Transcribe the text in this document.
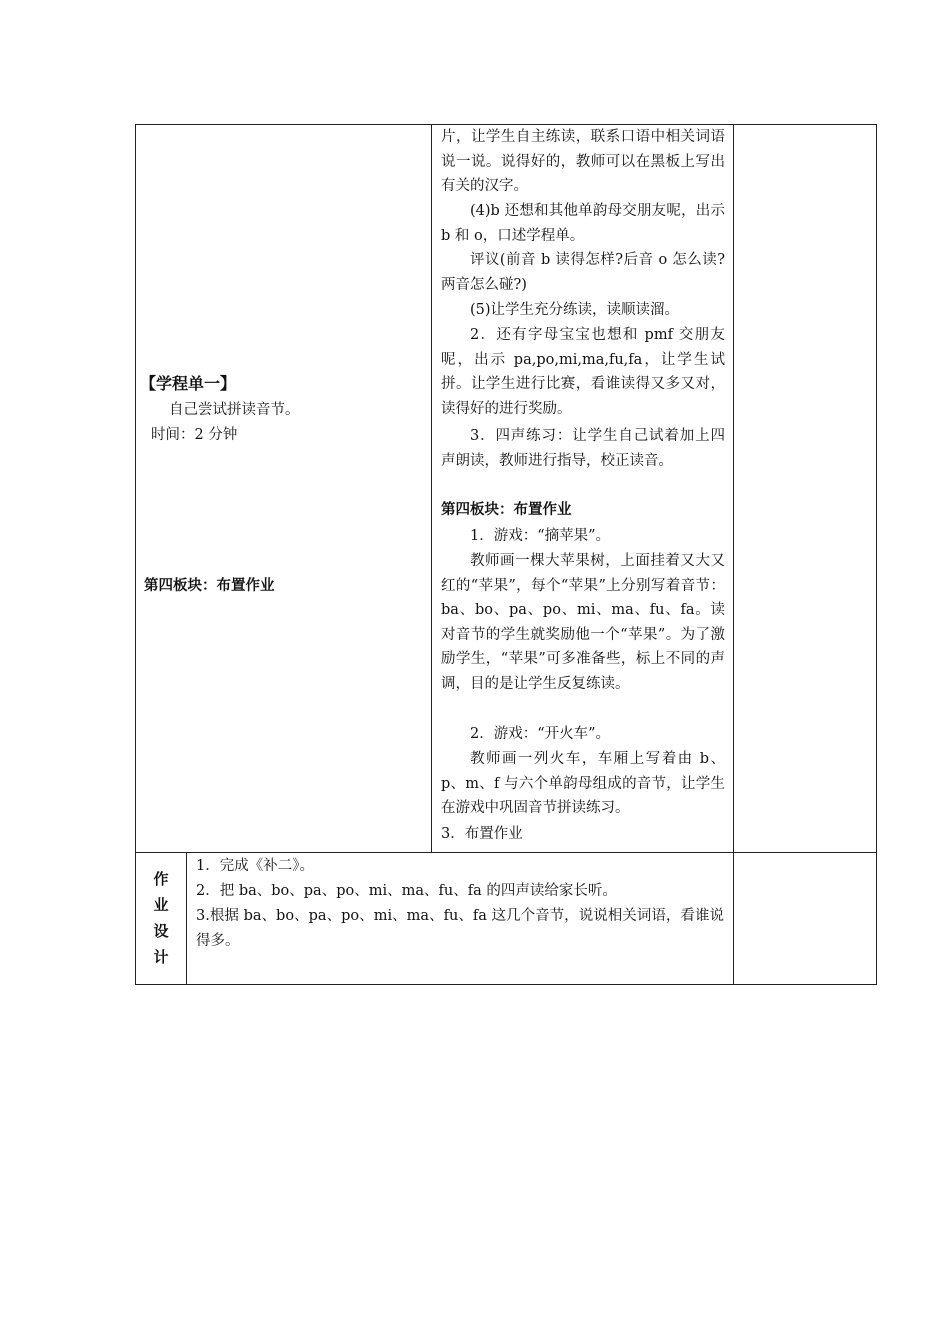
【学程单一】
自己尝试拼读音节。
时间：2 分钟
第四板块：布置作业
片，让学生自主练读，联系口语中相关词语说一说。说得好的，教师可以在黑板上写出有关的汉字。
(4)b 还想和其他单韵母交朋友呢，出示 b 和 o，口述学程单。
评议(前音 b 读得怎样?后音 o 怎么读?两音怎么碰?)
(5)让学生充分练读，读顺读溜。
2．还有字母宝宝也想和 pmf 交朋友呢，出示 pa,po,mi,ma,fu,fa，让学生试拼。让学生进行比赛，看谁读得又多又对，读得好的进行奖励。
3．四声练习：让学生自己试着加上四声朗读，教师进行指导，校正读音。
第四板块：布置作业
1．游戏：“摘苹果”。
教师画一棵大苹果树，上面挂着又大又红的“苹果”，每个“苹果”上分别写着音节：ba、bo、pa、po、mi、ma、fu、fa。读对音节的学生就奖励他一个“苹果”。为了激励学生，“苹果”可多准备些，标上不同的声调，目的是让学生反复练读。
2．游戏：“开火车”。
教师画一列火车，车厢上写着由 b、p、m、f 与六个单韵母组成的音节，让学生在游戏中巩固音节拼读练习。
3．布置作业
作
业
设
计
1．完成《补二》。
2．把 ba、bo、pa、po、mi、ma、fu、fa 的四声读给家长听。
3.根据 ba、bo、pa、po、mi、ma、fu、fa 这几个音节，说说相关词语，看谁说得多。
